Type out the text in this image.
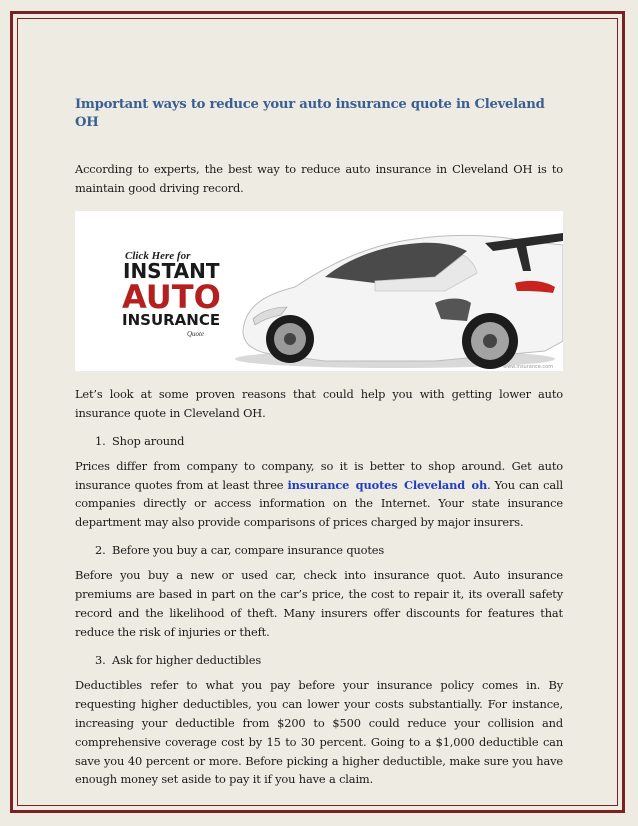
Important ways to reduce your auto insurance quote in Cleveland OH

According to experts, the best way to reduce auto insurance in Cleveland OH is to maintain good driving record.

Click Here for
INSTANT
AUTO
INSURANCE
Quote
www.insurance.com

Let’s look at some proven reasons that could help you with getting lower auto insurance quote in Cleveland OH.

1. Shop around

Prices differ from company to company, so it is better to shop around. Get auto insurance quotes from at least three insurance quotes Cleveland oh. You can call companies directly or access information on the Internet. Your state insurance department may also provide comparisons of prices charged by major insurers.

2. Before you buy a car, compare insurance quotes

Before you buy a new or used car, check into insurance quot. Auto insurance premiums are based in part on the car’s price, the cost to repair it, its overall safety record and the likelihood of theft. Many insurers offer discounts for features that reduce the risk of injuries or theft.

3. Ask for higher deductibles

Deductibles refer to what you pay before your insurance policy comes in. By requesting higher deductibles, you can lower your costs substantially. For instance, increasing your deductible from $200 to $500 could reduce your collision and comprehensive coverage cost by 15 to 30 percent. Going to a $1,000 deductible can save you 40 percent or more. Before picking a higher deductible, make sure you have enough money set aside to pay it if you have a claim.
